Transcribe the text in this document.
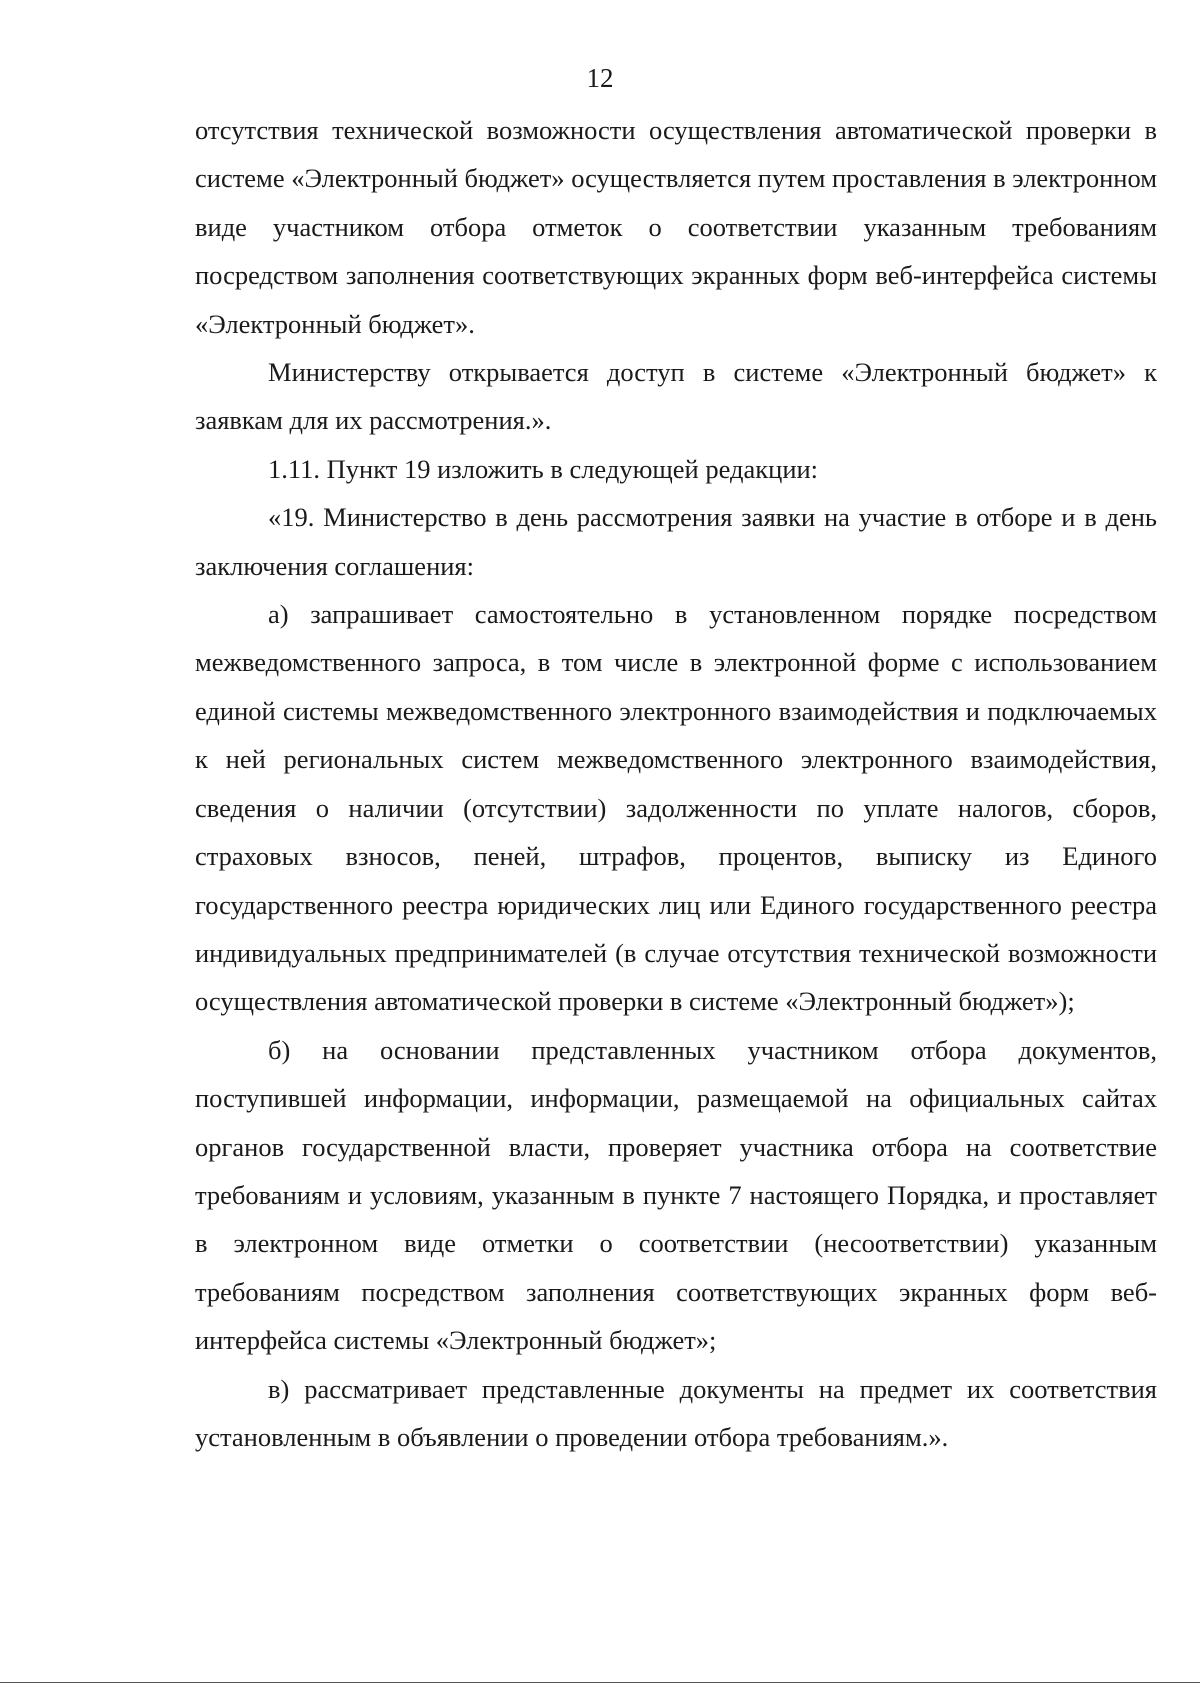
12

отсутствия технической возможности осуществления автоматической проверки в системе «Электронный бюджет» осуществляется путем проставления в электронном виде участником отбора отметок о соответствии указанным требованиям посредством заполнения соответствующих экранных форм веб-интерфейса системы «Электронный бюджет».

Министерству открывается доступ в системе «Электронный бюджет» к заявкам для их рассмотрения.».

1.11. Пункт 19 изложить в следующей редакции:

«19. Министерство в день рассмотрения заявки на участие в отборе и в день заключения соглашения:

а) запрашивает самостоятельно в установленном порядке посредством межведомственного запроса, в том числе в электронной форме с использованием единой системы межведомственного электронного взаимодействия и подключаемых к ней региональных систем межведомственного электронного взаимодействия, сведения о наличии (отсутствии) задолженности по уплате налогов, сборов, страховых взносов, пеней, штрафов, процентов, выписку из Единого государственного реестра юридических лиц или Единого государственного реестра индивидуальных предпринимателей (в случае отсутствия технической возможности осуществления автоматической проверки в системе «Электронный бюджет»);

б) на основании представленных участником отбора документов, поступившей информации, информации, размещаемой на официальных сайтах органов государственной власти, проверяет участника отбора на соответствие требованиям и условиям, указанным в пункте 7 настоящего Порядка, и проставляет в электронном виде отметки о соответствии (несоответствии) указанным требованиям посредством заполнения соответствующих экранных форм веб-интерфейса системы «Электронный бюджет»;

в) рассматривает представленные документы на предмет их соответствия установленным в объявлении о проведении отбора требованиям.».
